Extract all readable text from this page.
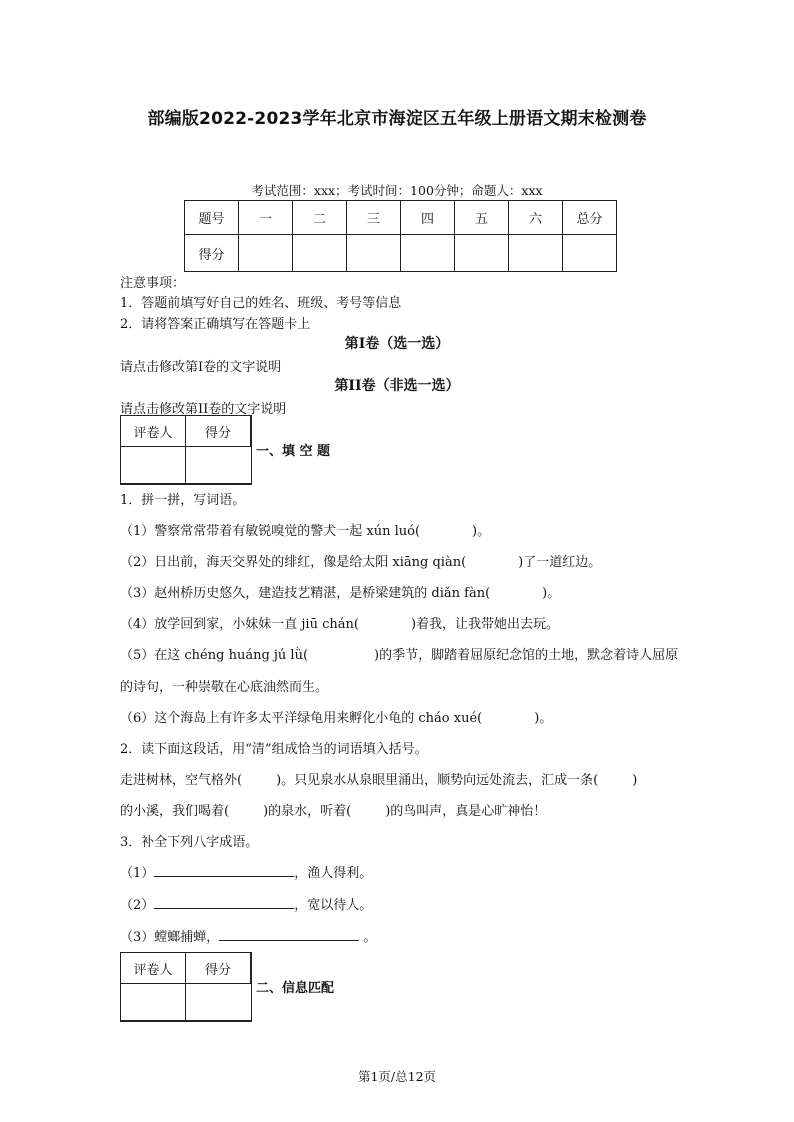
部编版2022-2023学年北京市海淀区五年级上册语文期末检测卷
考试范围：xxx；考试时间：100分钟；命题人：xxx
题号	一	二	三	四	五	六	总分
得分							
注意事项：
1．答题前填写好自己的姓名、班级、考号等信息
2．请将答案正确填写在答题卡上
第I卷（选一选）
请点击修改第I卷的文字说明
第II卷（非选一选）
请点击修改第II卷的文字说明
评卷人	得分

一、填 空 题
1．拼一拼，写词语。
（1）警察常常带着有敏锐嗅觉的警犬一起 xún luó(	)。
（2）日出前，海天交界处的绯红，像是给太阳 xiāng qiàn(	)了一道红边。
（3）赵州桥历史悠久，建造技艺精湛，是桥梁建筑的 diǎn fàn(	)。
（4）放学回到家，小妹妹一直 jiū chán(	)着我，让我带她出去玩。
（5）在这 chéng huáng jú lǜ(	)的季节，脚踏着屈原纪念馆的土地，默念着诗人屈原
的诗句，一种崇敬在心底油然而生。
（6）这个海岛上有许多太平洋绿龟用来孵化小龟的 cháo xué(	)。
2．读下面这段话，用“清”组成恰当的词语填入括号。
走进树林，空气格外(	)。只见泉水从泉眼里涌出，顺势向远处流去，汇成一条(	)
的小溪，我们喝着(	)的泉水，听着(	)的鸟叫声，真是心旷神怡！
3．补全下列八字成语。
（1）	，渔人得利。
（2）	，宽以待人。
（3）螳螂捕蝉，	。
评卷人	得分

二、信息匹配
第1页/总12页
